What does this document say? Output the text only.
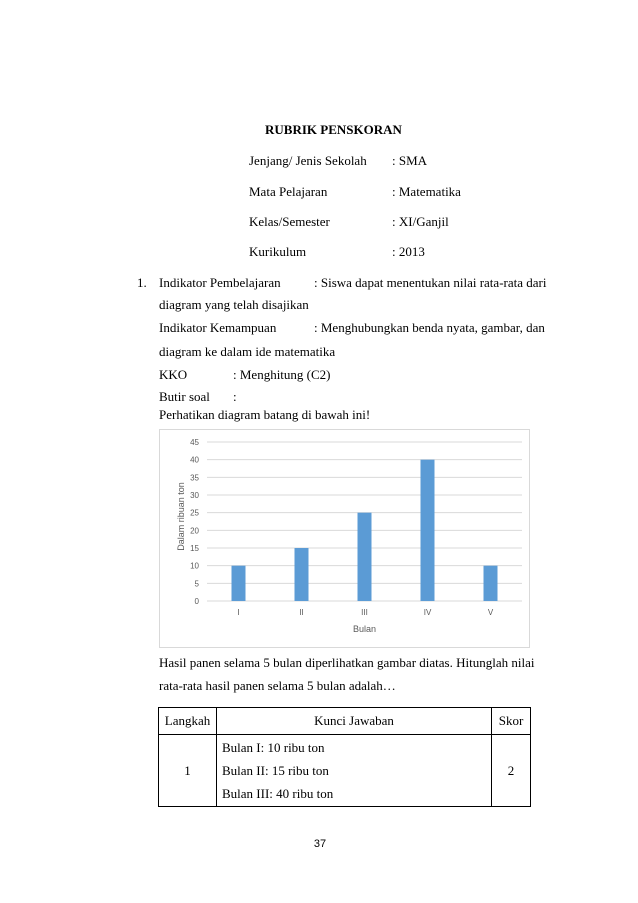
RUBRIK PENSKORAN
Jenjang/ Jenis Sekolah : SMA
Mata Pelajaran	: Matematika
Kelas/Semester	: XI/Ganjil
Kurikulum	: 2013
1. Indikator Pembelajaran	: Siswa dapat menentukan nilai rata-rata dari
diagram yang telah disajikan
Indikator Kemampuan	: Menghubungkan benda nyata, gambar, dan
diagram ke dalam ide matematika
KKO	: Menghitung (C2)
Butir soal :
Perhatikan diagram batang di bawah ini!
0
5
10
15
20
25
30
35
40
45
I	II	III	IV	V
Bulan
Dalam ribuan ton
Hasil panen selama 5 bulan diperlihatkan gambar diatas. Hitunglah nilai
rata-rata hasil panen selama 5 bulan adalah…
Langkah	Kunci Jawaban	Skor
1	Bulan I: 10 ribu ton
Bulan II: 15 ribu ton
Bulan III: 40 ribu ton	2
37
